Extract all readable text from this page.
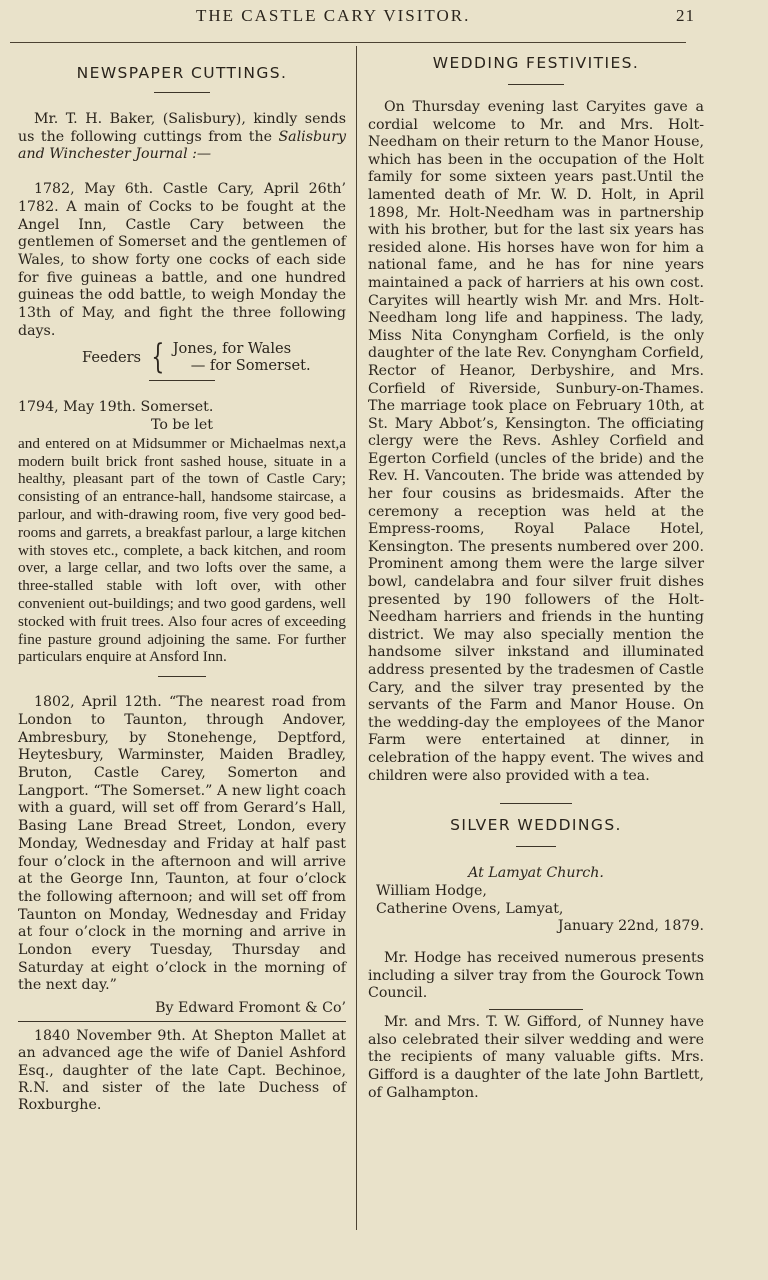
THE CASTLE CARY VISITOR.	21
NEWSPAPER CUTTINGS.

Mr. T. H. Baker, (Salisbury), kindly sends us the following cuttings from the Salisbury and Winchester Journal :—

1782, May 6th. Castle Cary, April 26th’ 1782. A main of Cocks to be fought at the Angel Inn, Castle Cary between the gentlemen of Somerset and the gentlemen of Wales, to show forty one cocks of each side for five guineas a battle, and one hundred guineas the odd battle, to weigh Monday the 13th of May, and fight the three following days.

Feeders { Jones, for Wales
— for Somerset.

1794, May 19th. Somerset.

To be let

and entered on at Midsummer or Michaelmas next,a modern built brick front sashed house, situate in a healthy, pleasant part of the town of Castle Cary; consisting of an entrance-hall, handsome staircase, a parlour, and with-drawing room, five very good bed-rooms and garrets, a breakfast parlour, a large kitchen with stoves etc., complete, a back kitchen, and room over, a large cellar, and two lofts over the same, a three-stalled stable with loft over, with other convenient out-buildings; and two good gardens, well stocked with fruit trees. Also four acres of exceeding fine pasture ground adjoining the same. For further particulars enquire at Ansford Inn.

1802, April 12th. “The nearest road from London to Taunton, through Andover, Ambresbury, by Stonehenge, Deptford, Heytesbury, Warminster, Maiden Bradley, Bruton, Castle Carey, Somerton and Langport. “The Somerset.” A new light coach with a guard, will set off from Gerard’s Hall, Basing Lane Bread Street, London, every Monday, Wednesday and Friday at half past four o’clock in the afternoon and will arrive at the George Inn, Taunton, at four o’clock the following afternoon; and will set off from Taunton on Monday, Wednesday and Friday at four o’clock in the morning and arrive in London every Tuesday, Thursday and Saturday at eight o’clock in the morning of the next day.”

By Edward Fromont & Co’

1840 November 9th. At Shepton Mallet at an advanced age the wife of Daniel Ashford Esq., daughter of the late Capt. Bechinoe, R.N. and sister of the late Duchess of Roxburghe.

WEDDING FESTIVITIES.

On Thursday evening last Caryites gave a cordial welcome to Mr. and Mrs. Holt-Needham on their return to the Manor House, which has been in the occupation of the Holt family for some sixteen years past.Until the lamented death of Mr. W. D. Holt, in April 1898, Mr. Holt-Needham was in partnership with his brother, but for the last six years has resided alone. His horses have won for him a national fame, and he has for nine years maintained a pack of harriers at his own cost. Caryites will heartly wish Mr. and Mrs. Holt-Needham long life and happiness. The lady, Miss Nita Conyngham Corfield, is the only daughter of the late Rev. Conyngham Corfield, Rector of Heanor, Derbyshire, and Mrs. Corfield of Riverside, Sunbury-on-Thames. The marriage took place on February 10th, at St. Mary Abbot’s, Kensington. The officiating clergy were the Revs. Ashley Corfield and Egerton Corfield (uncles of the bride) and the Rev. H. Vancouten. The bride was attended by her four cousins as bridesmaids. After the ceremony a reception was held at the Empress-rooms, Royal Palace Hotel, Kensington. The presents numbered over 200. Prominent among them were the large silver bowl, candelabra and four silver fruit dishes presented by 190 followers of the Holt-Needham harriers and friends in the hunting district. We may also specially mention the handsome silver inkstand and illuminated address presented by the tradesmen of Castle Cary, and the silver tray presented by the servants of the Farm and Manor House. On the wedding-day the employees of the Manor Farm were entertained at dinner, in celebration of the happy event. The wives and children were also provided with a tea.

SILVER WEDDINGS.

At Lamyat Church.

William Hodge,

Catherine Ovens, Lamyat,

January 22nd, 1879.

Mr. Hodge has received numerous presents including a silver tray from the Gourock Town Council.

Mr. and Mrs. T. W. Gifford, of Nunney have also celebrated their silver wedding and were the recipients of many valuable gifts. Mrs. Gifford is a daughter of the late John Bartlett, of Galhampton.
